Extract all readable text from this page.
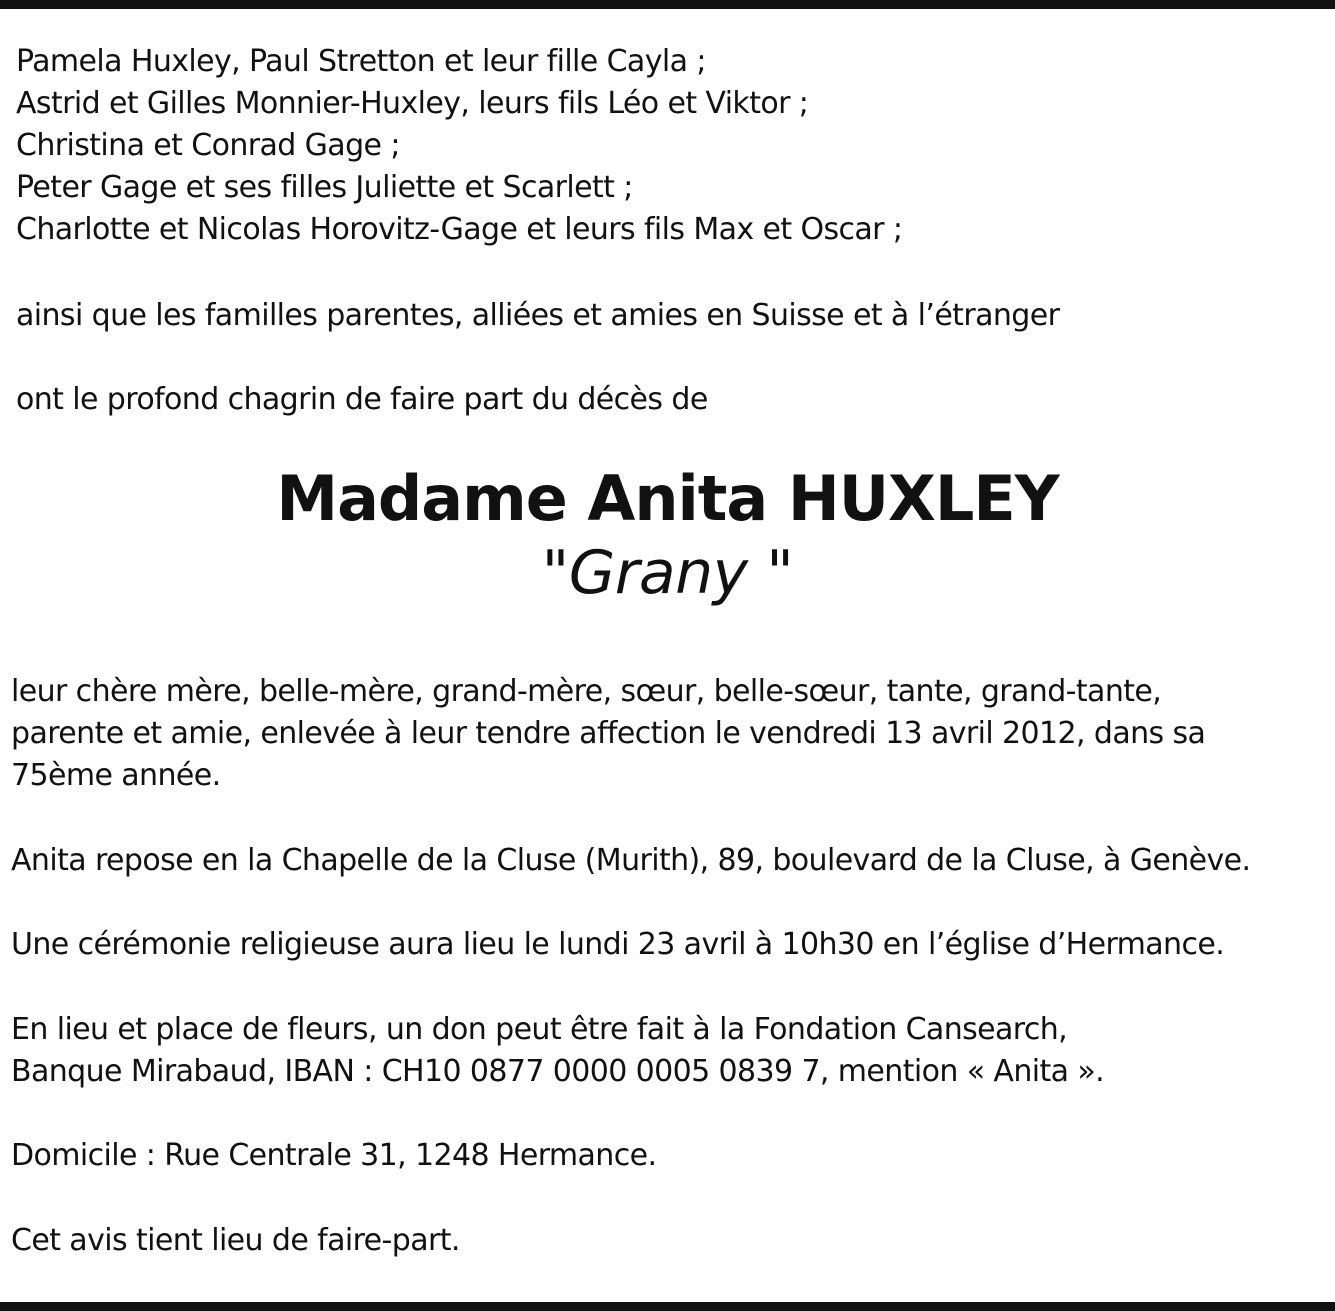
Pamela Huxley, Paul Stretton et leur fille Cayla ;
Astrid et Gilles Monnier-Huxley, leurs fils Léo et Viktor ;
Christina et Conrad Gage ;
Peter Gage et ses filles Juliette et Scarlett ;
Charlotte et Nicolas Horovitz-Gage et leurs fils Max et Oscar ;
ainsi que les familles parentes, alliées et amies en Suisse et à l’étranger
ont le profond chagrin de faire part du décès de
Madame Anita HUXLEY
"Grany "
leur chère mère, belle-mère, grand-mère, sœur, belle-sœur, tante, grand-tante,
parente et amie, enlevée à leur tendre affection le vendredi 13 avril 2012, dans sa
75ème année.
Anita repose en la Chapelle de la Cluse (Murith), 89, boulevard de la Cluse, à Genève.
Une cérémonie religieuse aura lieu le lundi 23 avril à 10h30 en l’église d’Hermance.
En lieu et place de fleurs, un don peut être fait à la Fondation Cansearch,
Banque Mirabaud, IBAN : CH10 0877 0000 0005 0839 7, mention « Anita ».
Domicile : Rue Centrale 31, 1248 Hermance.
Cet avis tient lieu de faire-part.
